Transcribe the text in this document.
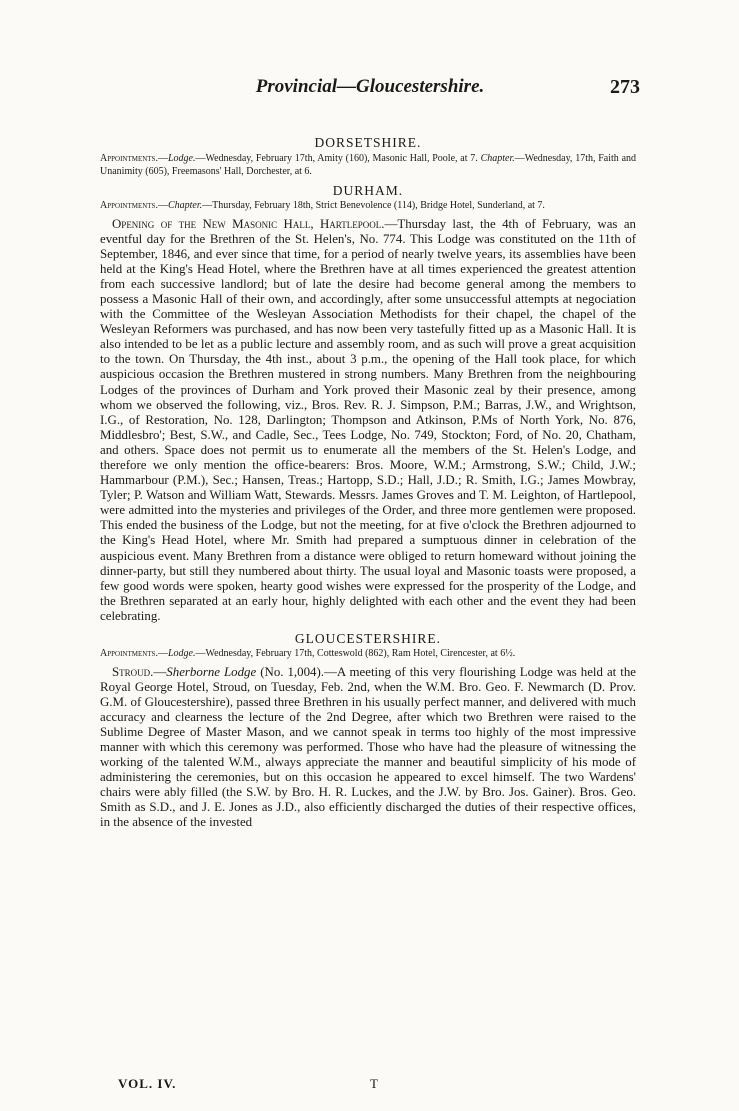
Provincial—Gloucestershire.	273
DORSETSHIRE.

Appointments.—Lodge.—Wednesday, February 17th, Amity (160), Masonic Hall, Poole, at 7. Chapter.—Wednesday, 17th, Faith and Unanimity (605), Freemasons' Hall, Dorchester, at 6.

DURHAM.

Appointments.—Chapter.—Thursday, February 18th, Strict Benevolence (114), Bridge Hotel, Sunderland, at 7.

Opening of the New Masonic Hall, Hartlepool.—Thursday last, the 4th of February, was an eventful day for the Brethren of the St. Helen's, No. 774. This Lodge was constituted on the 11th of September, 1846, and ever since that time, for a period of nearly twelve years, its assemblies have been held at the King's Head Hotel, where the Brethren have at all times experienced the greatest attention from each successive landlord; but of late the desire had become general among the members to possess a Masonic Hall of their own, and accordingly, after some unsuccessful attempts at negociation with the Committee of the Wesleyan Association Methodists for their chapel, the chapel of the Wesleyan Reformers was purchased, and has now been very tastefully fitted up as a Masonic Hall. It is also intended to be let as a public lecture and assembly room, and as such will prove a great acquisition to the town. On Thursday, the 4th inst., about 3 p.m., the opening of the Hall took place, for which auspicious occasion the Brethren mustered in strong numbers. Many Brethren from the neighbouring Lodges of the provinces of Durham and York proved their Masonic zeal by their presence, among whom we observed the following, viz., Bros. Rev. R. J. Simpson, P.M.; Barras, J.W., and Wrightson, I.G., of Restoration, No. 128, Darlington; Thompson and Atkinson, P.Ms of North York, No. 876, Middlesbro'; Best, S.W., and Cadle, Sec., Tees Lodge, No. 749, Stockton; Ford, of No. 20, Chatham, and others. Space does not permit us to enumerate all the members of the St. Helen's Lodge, and therefore we only mention the office-bearers: Bros. Moore, W.M.; Armstrong, S.W.; Child, J.W.; Hammarbour (P.M.), Sec.; Hansen, Treas.; Hartopp, S.D.; Hall, J.D.; R. Smith, I.G.; James Mowbray, Tyler; P. Watson and William Watt, Stewards. Messrs. James Groves and T. M. Leighton, of Hartlepool, were admitted into the mysteries and privileges of the Order, and three more gentlemen were proposed. This ended the business of the Lodge, but not the meeting, for at five o'clock the Brethren adjourned to the King's Head Hotel, where Mr. Smith had prepared a sumptuous dinner in celebration of the auspicious event. Many Brethren from a distance were obliged to return homeward without joining the dinner-party, but still they numbered about thirty. The usual loyal and Masonic toasts were proposed, a few good words were spoken, hearty good wishes were expressed for the prosperity of the Lodge, and the Brethren separated at an early hour, highly delighted with each other and the event they had been celebrating.

GLOUCESTERSHIRE.

Appointments.—Lodge.—Wednesday, February 17th, Cotteswold (862), Ram Hotel, Cirencester, at 6½.

Stroud.—Sherborne Lodge (No. 1,004).—A meeting of this very flourishing Lodge was held at the Royal George Hotel, Stroud, on Tuesday, Feb. 2nd, when the W.M. Bro. Geo. F. Newmarch (D. Prov. G.M. of Gloucestershire), passed three Brethren in his usually perfect manner, and delivered with much accuracy and clearness the lecture of the 2nd Degree, after which two Brethren were raised to the Sublime Degree of Master Mason, and we cannot speak in terms too highly of the most impressive manner with which this ceremony was performed. Those who have had the pleasure of witnessing the working of the talented W.M., always appreciate the manner and beautiful simplicity of his mode of administering the ceremonies, but on this occasion he appeared to excel himself. The two Wardens' chairs were ably filled (the S.W. by Bro. H. R. Luckes, and the J.W. by Bro. Jos. Gainer). Bros. Geo. Smith as S.D., and J. E. Jones as J.D., also efficiently discharged the duties of their respective offices, in the absence of the invested

VOL. IV.	T
